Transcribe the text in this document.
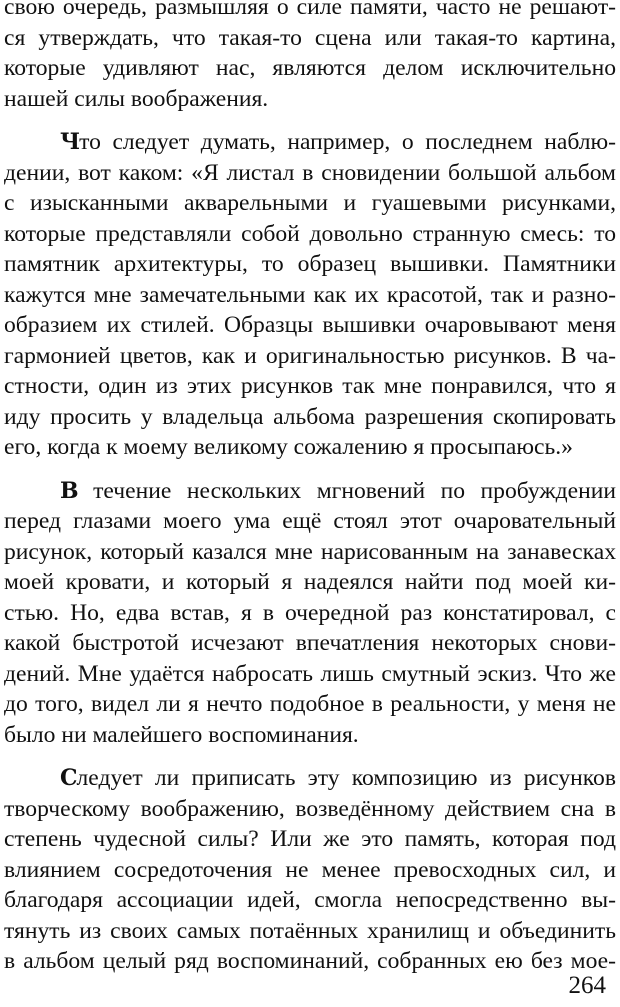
свою очередь, размышляя о силе памяти, часто не решают-
ся утверждать, что такая-то сцена или такая-то картина,
которые удивляют нас, являются делом исключительно
нашей силы воображения.

Что следует думать, например, о последнем наблю-
дении, вот каком: «Я листал в сновидении большой альбом
с изысканными акварельными и гуашевыми рисунками,
которые представляли собой довольно странную смесь: то
памятник архитектуры, то образец вышивки. Памятники
кажутся мне замечательными как их красотой, так и разно-
образием их стилей. Образцы вышивки очаровывают меня
гармонией цветов, как и оригинальностью рисунков. В ча-
стности, один из этих рисунков так мне понравился, что я
иду просить у владельца альбома разрешения скопировать
его, когда к моему великому сожалению я просыпаюсь.»

В течение нескольких мгновений по пробуждении
перед глазами моего ума ещё стоял этот очаровательный
рисунок, который казался мне нарисованным на занавесках
моей кровати, и который я надеялся найти под моей ки-
стью. Но, едва встав, я в очередной раз констатировал, с
какой быстротой исчезают впечатления некоторых снови-
дений. Мне удаётся набросать лишь смутный эскиз. Что же
до того, видел ли я нечто подобное в реальности, у меня не
было ни малейшего воспоминания.

Следует ли приписать эту композицию из рисунков
творческому воображению, возведённому действием сна в
степень чудесной силы? Или же это память, которая под
влиянием сосредоточения не менее превосходных сил, и
благодаря ассоциации идей, смогла непосредственно вы-
тянуть из своих самых потаённых хранилищ и объединить
в альбом целый ряд воспоминаний, собранных ею без мое-

264
